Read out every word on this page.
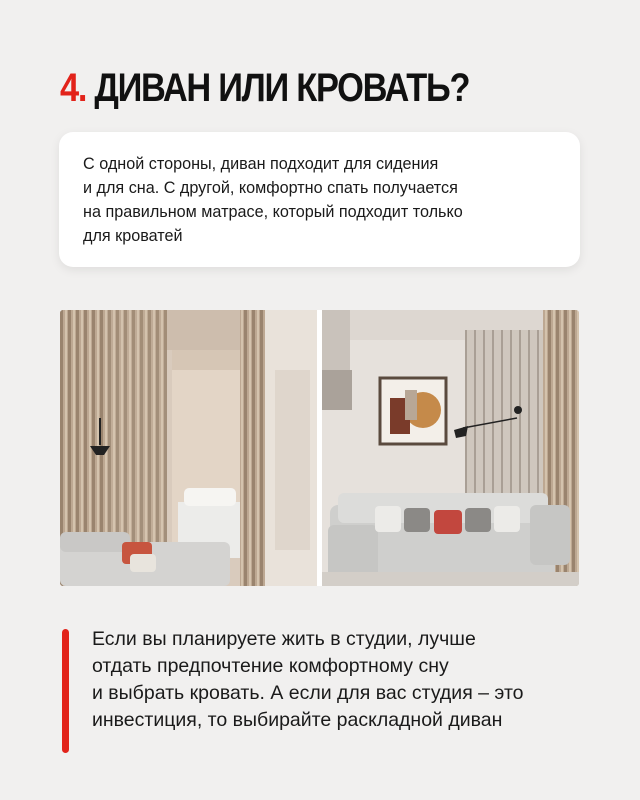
4. ДИВАН ИЛИ КРОВАТЬ?
С одной стороны, диван подходит для сидения
и для сна. С другой, комфортно спать получается
на правильном матрасе, который подходит только
для кроватей
Если вы планируете жить в студии, лучше
отдать предпочтение комфортному сну
и выбрать кровать. А если для вас студия – это
инвестиция, то выбирайте раскладной диван
